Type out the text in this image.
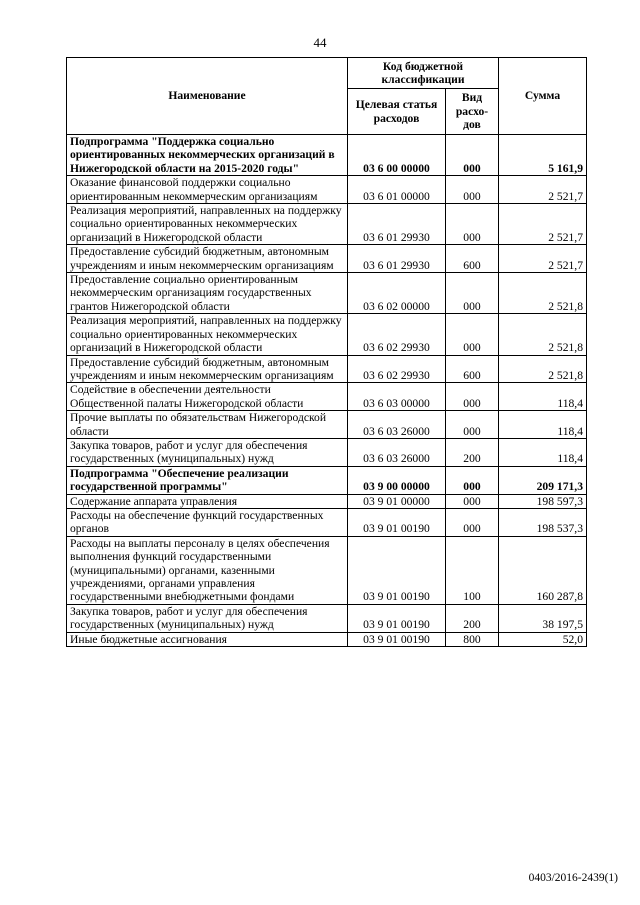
44
Наименование	Код бюджетной классификации		Сумма
	Целевая статья расходов	Вид расхо-дов	
Подпрограмма "Поддержка социально ориентированных некоммерческих организаций в Нижегородской области на 2015-2020 годы"	03 6 00 00000	000	5 161,9
Оказание финансовой поддержки социально ориентированным некоммерческим организациям	03 6 01 00000	000	2 521,7
Реализация мероприятий, направленных на поддержку социально ориентированных некоммерческих организаций в Нижегородской области	03 6 01 29930	000	2 521,7
Предоставление субсидий бюджетным, автономным учреждениям и иным некоммерческим организациям	03 6 01 29930	600	2 521,7
Предоставление социально ориентированным некоммерческим организациям государственных грантов Нижегородской области	03 6 02 00000	000	2 521,8
Реализация мероприятий, направленных на поддержку социально ориентированных некоммерческих организаций в Нижегородской области	03 6 02 29930	000	2 521,8
Предоставление субсидий бюджетным, автономным учреждениям и иным некоммерческим организациям	03 6 02 29930	600	2 521,8
Содействие в обеспечении деятельности Общественной палаты Нижегородской области	03 6 03 00000	000	118,4
Прочие выплаты по обязательствам Нижегородской области	03 6 03 26000	000	118,4
Закупка товаров, работ и услуг для обеспечения государственных (муниципальных) нужд	03 6 03 26000	200	118,4
Подпрограмма "Обеспечение реализации государственной программы"	03 9 00 00000	000	209 171,3
Содержание аппарата управления	03 9 01 00000	000	198 597,3
Расходы на обеспечение функций государственных органов	03 9 01 00190	000	198 537,3
Расходы на выплаты персоналу в целях обеспечения выполнения функций государственными (муниципальными) органами, казенными учреждениями, органами управления государственными внебюджетными фондами	03 9 01 00190	100	160 287,8
Закупка товаров, работ и услуг для обеспечения государственных (муниципальных) нужд	03 9 01 00190	200	38 197,5
Иные бюджетные ассигнования	03 9 01 00190	800	52,0
0403/2016-2439(1)
